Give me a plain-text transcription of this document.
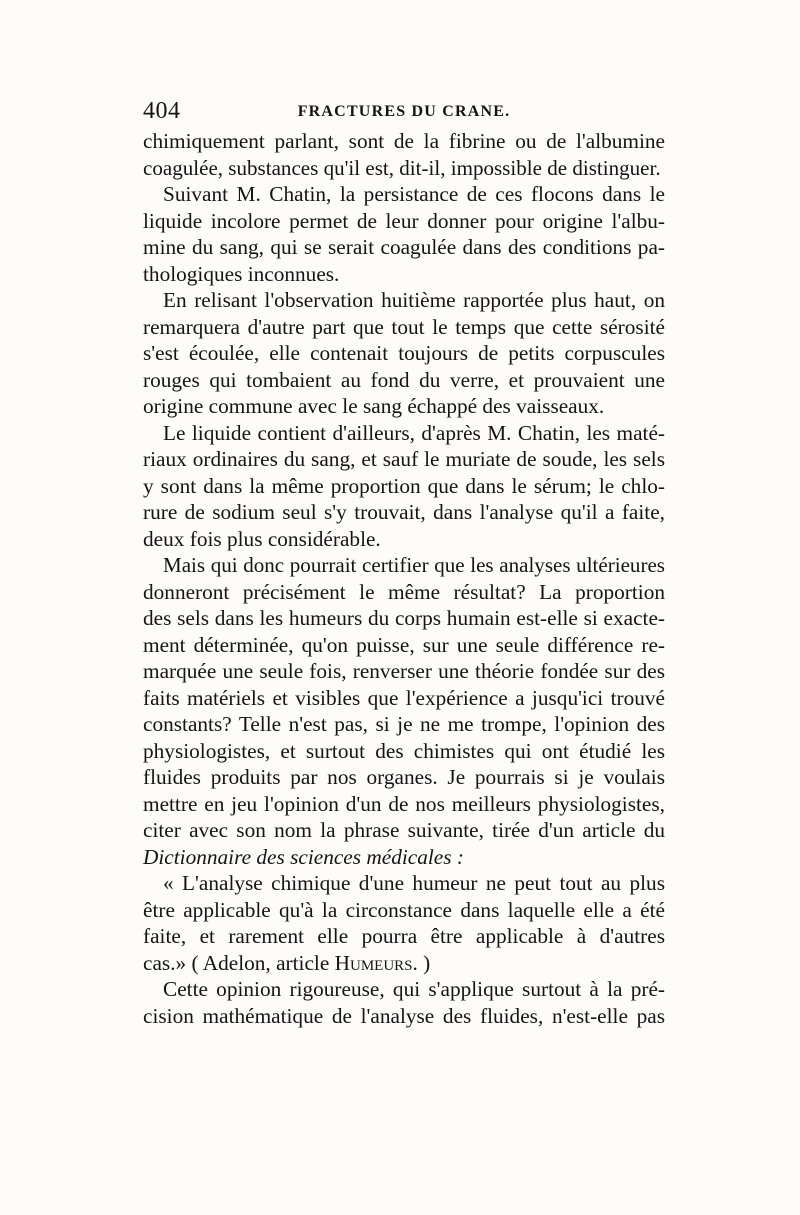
404	FRACTURES DU CRANE.
chimiquement parlant, sont de la fibrine ou de l'albumine
coagulée, substances qu'il est, dit-il, impossible de distinguer.
Suivant M. Chatin, la persistance de ces flocons dans le
liquide incolore permet de leur donner pour origine l'albu-
mine du sang, qui se serait coagulée dans des conditions pa-
thologiques inconnues.
En relisant l'observation huitième rapportée plus haut, on
remarquera d'autre part que tout le temps que cette sérosité
s'est écoulée, elle contenait toujours de petits corpuscules
rouges qui tombaient au fond du verre, et prouvaient une
origine commune avec le sang échappé des vaisseaux.
Le liquide contient d'ailleurs, d'après M. Chatin, les maté-
riaux ordinaires du sang, et sauf le muriate de soude, les sels
y sont dans la même proportion que dans le sérum; le chlo-
rure de sodium seul s'y trouvait, dans l'analyse qu'il a faite,
deux fois plus considérable.
Mais qui donc pourrait certifier que les analyses ultérieures
donneront précisément le même résultat? La proportion
des sels dans les humeurs du corps humain est-elle si exacte-
ment déterminée, qu'on puisse, sur une seule différence re-
marquée une seule fois, renverser une théorie fondée sur des
faits matériels et visibles que l'expérience a jusqu'ici trouvé
constants? Telle n'est pas, si je ne me trompe, l'opinion des
physiologistes, et surtout des chimistes qui ont étudié les
fluides produits par nos organes. Je pourrais si je voulais
mettre en jeu l'opinion d'un de nos meilleurs physiologistes,
citer avec son nom la phrase suivante, tirée d'un article du
Dictionnaire des sciences médicales :
« L'analyse chimique d'une humeur ne peut tout au plus
être applicable qu'à la circonstance dans laquelle elle a été
faite, et rarement elle pourra être applicable à d'autres
cas.» ( Adelon, article Humeurs. )
Cette opinion rigoureuse, qui s'applique surtout à la pré-
cision mathématique de l'analyse des fluides, n'est-elle pas
